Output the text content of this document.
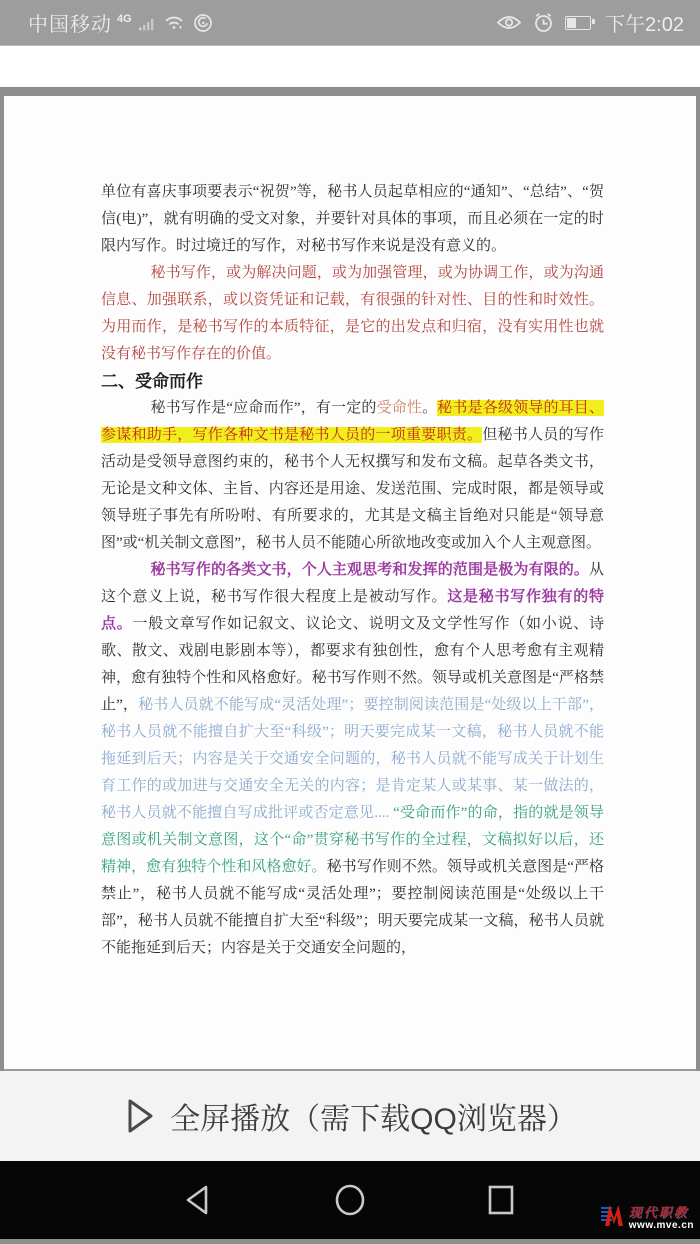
中国移动 4G	下午2:02

单位有喜庆事项要表示“祝贺”等，秘书人员起草相应的“通知”、“总结”、“贺信(电)”，就有明确的受文对象，并要针对具体的事项，而且必须在一定的时限内写作。时过境迁的写作，对秘书写作来说是没有意义的。

秘书写作，或为解决问题，或为加强管理，或为协调工作，或为沟通信息、加强联系，或以资凭证和记载，有很强的针对性、目的性和时效性。为用而作，是秘书写作的本质特征，是它的出发点和归宿，没有实用性也就没有秘书写作存在的价值。

二、受命而作

秘书写作是“应命而作”，有一定的受命性。秘书是各级领导的耳目、参谋和助手，写作各种文书是秘书人员的一项重要职责。但秘书人员的写作活动是受领导意图约束的，秘书个人无权撰写和发布文稿。起草各类文书，无论是文种文体、主旨、内容还是用途、发送范围、完成时限，都是领导或领导班子事先有所吩咐、有所要求的，尤其是文稿主旨绝对只能是“领导意图”或“机关制文意图”，秘书人员不能随心所欲地改变或加入个人主观意图。

秘书写作的各类文书，个人主观思考和发挥的范围是极为有限的。从这个意义上说，秘书写作很大程度上是被动写作。这是秘书写作独有的特点。一般文章写作如记叙文、议论文、说明文及文学性写作（如小说、诗歌、散文、戏剧电影剧本等），都要求有独创性，愈有个人思考愈有主观精神，愈有独特个性和风格愈好。秘书写作则不然。领导或机关意图是“严格禁止”，秘书人员就不能写成“灵活处理”；要控制阅读范围是“处级以上干部”，秘书人员就不能擅自扩大至“科级”；明天要完成某一文稿，秘书人员就不能拖延到后天；内容是关于交通安全问题的，秘书人员就不能写成关于计划生育工作的或加进与交通安全无关的内容；是肯定某人或某事、某一做法的，秘书人员就不能擅自写成批评或否定意见.... “受命而作”的命，指的就是领导意图或机关制文意图，这个“命”贯穿秘书写作的全过程，文稿拟好以后，还精神，愈有独特个性和风格愈好。秘书写作则不然。领导或机关意图是“严格禁止”，秘书人员就不能写成“灵活处理”；要控制阅读范围是“处级以上干部”，秘书人员就不能擅自扩大至“科级”；明天要完成某一文稿，秘书人员就不能拖延到后天；内容是关于交通安全问题的，

全屏播放（需下载QQ浏览器）
现代职教
www.mve.cn
